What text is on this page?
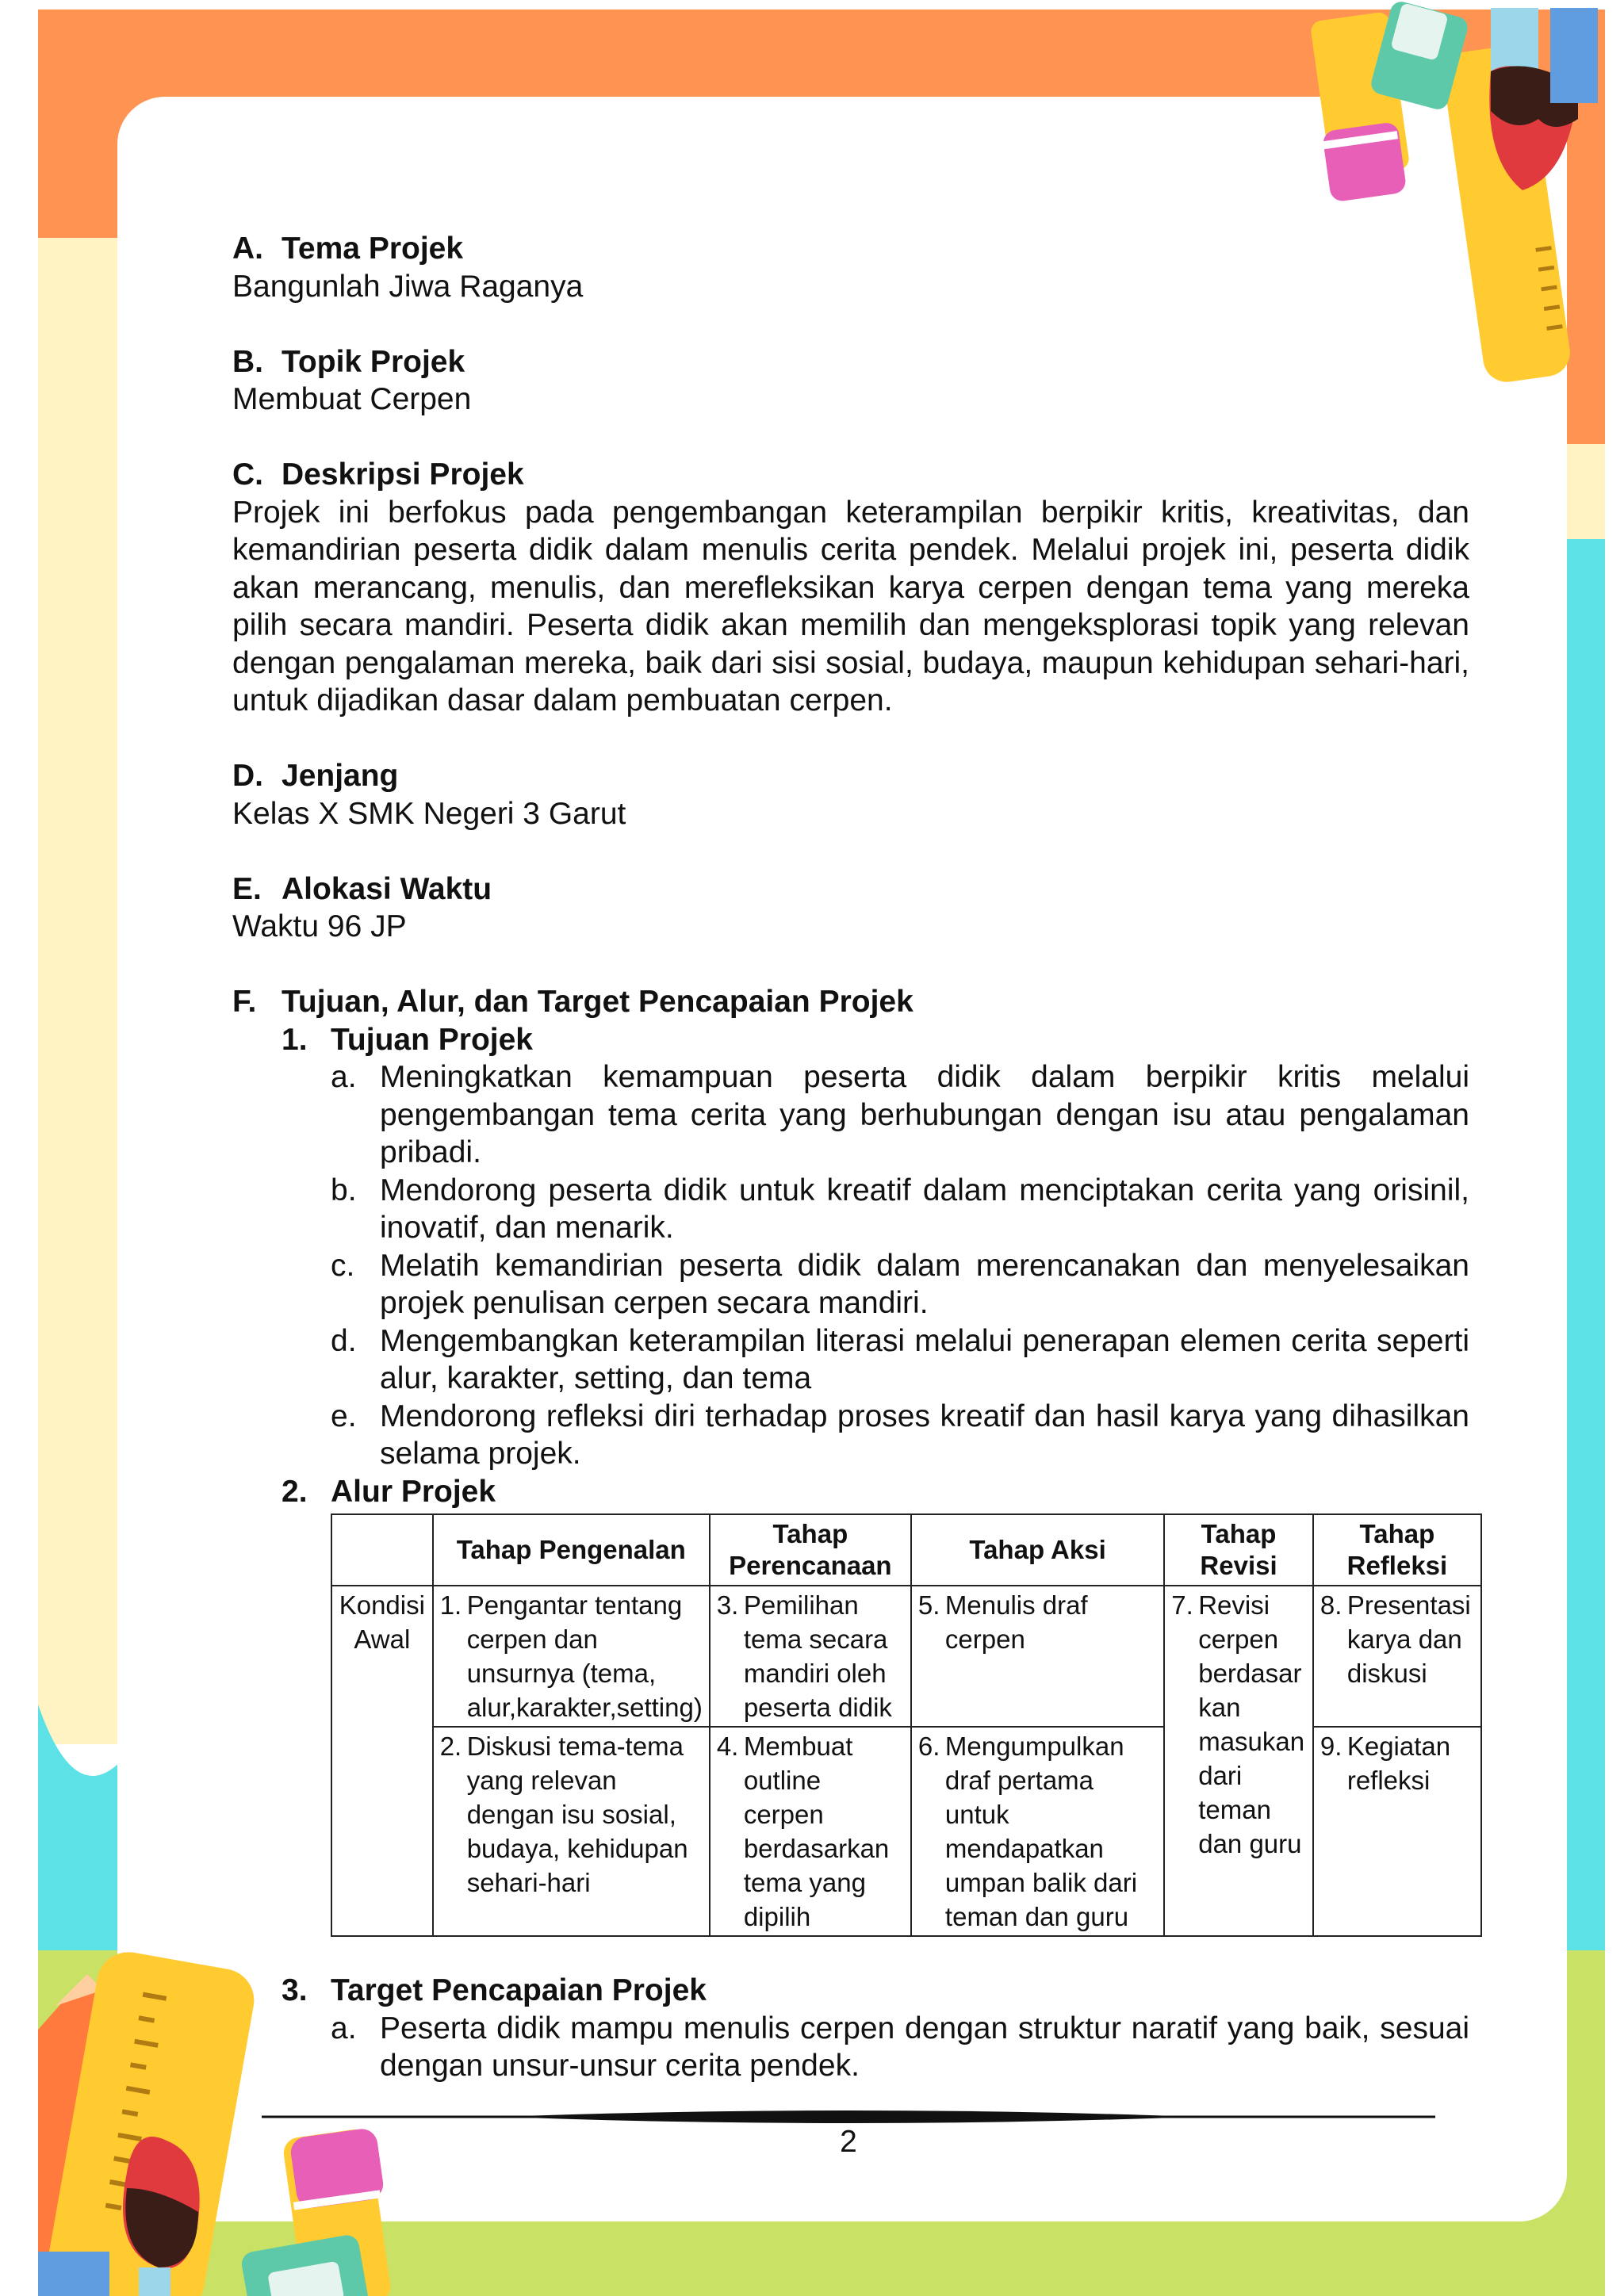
A. Tema Projek
Bangunlah Jiwa Raganya
B. Topik Projek
Membuat Cerpen
C. Deskripsi Projek
Projek ini berfokus pada pengembangan keterampilan berpikir kritis, kreativitas, dan kemandirian peserta didik dalam menulis cerita pendek. Melalui projek ini, peserta didik akan merancang, menulis, dan merefleksikan karya cerpen dengan tema yang mereka pilih secara mandiri. Peserta didik akan memilih dan mengeksplorasi topik yang relevan dengan pengalaman mereka, baik dari sisi sosial, budaya, maupun kehidupan sehari-hari, untuk dijadikan dasar dalam pembuatan cerpen.
D. Jenjang
Kelas X SMK Negeri 3 Garut
E. Alokasi Waktu
Waktu 96 JP
F. Tujuan, Alur, dan Target Pencapaian Projek
1. Tujuan Projek
a. Meningkatkan kemampuan peserta didik dalam berpikir kritis melalui pengembangan tema cerita yang berhubungan dengan isu atau pengalaman pribadi.
b. Mendorong peserta didik untuk kreatif dalam menciptakan cerita yang orisinil, inovatif, dan menarik.
c. Melatih kemandirian peserta didik dalam merencanakan dan menyelesaikan projek penulisan cerpen secara mandiri.
d. Mengembangkan keterampilan literasi melalui penerapan elemen cerita seperti alur, karakter, setting, dan tema
e. Mendorong refleksi diri terhadap proses kreatif dan hasil karya yang dihasilkan selama projek.
2. Alur Projek
	Tahap Pengenalan	Tahap Perencanaan	Tahap Aksi	Tahap Revisi	Tahap Refleksi
Kondisi Awal	1. Pengantar tentang cerpen dan unsurnya (tema, alur,karakter,setting)	3. Pemilihan tema secara mandiri oleh peserta didik	5. Menulis draf cerpen	7. Revisi cerpen berdasar kan masukan dari teman dan guru	8. Presentasi karya dan diskusi

	2. Diskusi tema-tema yang relevan dengan isu sosial, budaya, kehidupan sehari-hari	4. Membuat outline cerpen berdasarkan tema yang dipilih	6. Mengumpulkan draf pertama untuk mendapatkan umpan balik dari teman dan guru		9. Kegiatan refleksi
3. Target Pencapaian Projek
a. Peserta didik mampu menulis cerpen dengan struktur naratif yang baik, sesuai dengan unsur-unsur cerita pendek.
2
